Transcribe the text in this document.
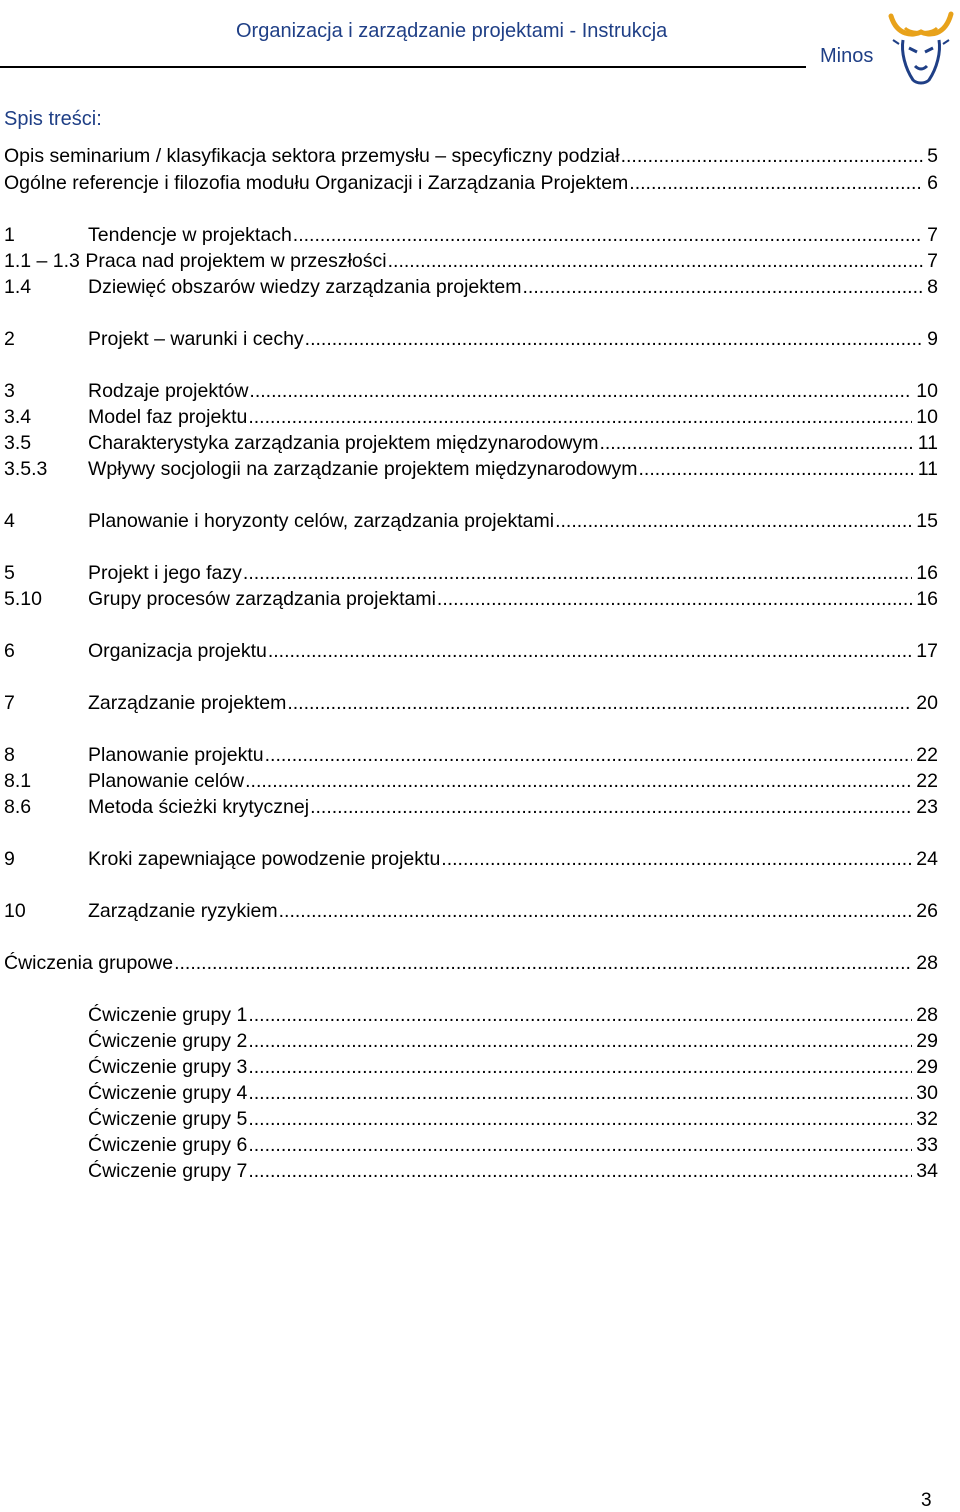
Organizacja i zarządzanie projektami - Instrukcja
Minos
Spis treści:
Opis seminarium / klasyfikacja sektora przemysłu – specyficzny podział .....	5
Ogólne referencje i filozofia modułu Organizacji i Zarządzania Projektem .....	6
1	Tendencje w projektach .....	7
1.1 – 1.3 Praca nad projektem w przeszłości .....	7
1.4	Dziewięć obszarów wiedzy zarządzania projektem .....	8
2	Projekt – warunki i cechy .....	9
3	Rodzaje projektów .....	10
3.4	Model faz projektu .....	10
3.5	Charakterystyka zarządzania projektem międzynarodowym .....	11
3.5.3	Wpływy socjologii na zarządzanie projektem międzynarodowym .....	11
4	Planowanie i horyzonty celów, zarządzania projektami .....	15
5	Projekt i jego fazy .....	16
5.10	Grupy procesów zarządzania projektami .....	16
6	Organizacja projektu .....	17
7	Zarządzanie projektem .....	20
8	Planowanie projektu .....	22
8.1	Planowanie celów .....	22
8.6	Metoda ścieżki krytycznej .....	23
9	Kroki zapewniające powodzenie projektu .....	24
10	Zarządzanie ryzykiem .....	26
Ćwiczenia grupowe .....	28
Ćwiczenie grupy 1 .....	28
Ćwiczenie grupy 2 .....	29
Ćwiczenie grupy 3 .....	29
Ćwiczenie grupy 4 .....	30
Ćwiczenie grupy 5 .....	32
Ćwiczenie grupy 6 .....	33
Ćwiczenie grupy 7 .....	34
3
